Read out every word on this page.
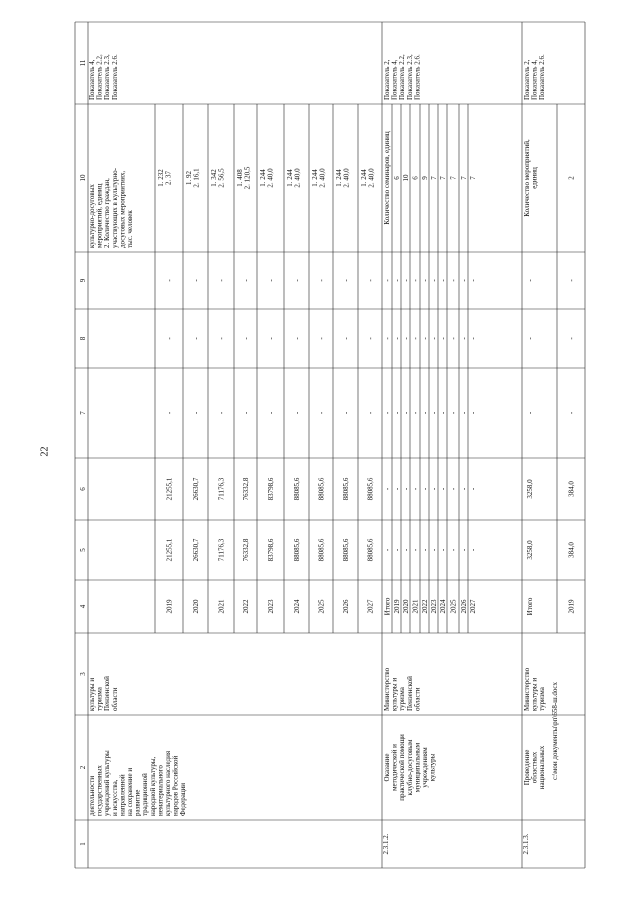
22
c:\мои документы\рп\658-ш.docx
1
2
3
4
5
6
7
8
9
10
11
деятельности государственных учреждений культуры и искусства, направленной на сохранение и развитие традиционной народной культуры, нематериального культурного наследия народов Российской Федерации
культуры и туризма Пензенской области
культурно-досуговых мероприятий, единиц 2. Количество граждан, участвующих в культурно- досуговых мероприятиях, тыс. человек
Показатель 4, Показатель 2.2, Показатель 2.3, Показатель 2.6.
2019
21255,1
21255,1
-
-
-
1. 232 2. 37
2020
26630,7
26630,7
-
-
-
1. 92 2. 16,1
2021
71176,3
71176,3
-
-
-
1. 342 2. 56,5
2022
76332,8
76332,8
-
-
-
1. 408 2. 120,5
2023
83798,6
83798,6
-
-
-
1. 244 2. 40,0
2024
88085,6
88085,6
-
-
-
1. 244 2. 40,0
2025
88085,6
88085,6
-
-
-
1. 244 2. 40,0
2026
88085,6
88085,6
-
-
-
1. 244 2. 40,0
2027
88085,6
88085,6
-
-
-
1. 244 2. 40,0
2.3.1.2.
Оказание методической и практической помощи клубно-досуговым муниципальным учреждениям культуры
Министерство культуры и туризма Пензенской области
Количество семинаров, единиц
Показатель 2, Показатель 4, Показатель 2.2, Показатель 2.3, Показатель 2.6.
Итого
-
-
-
-
-
2019
-
-
-
-
-
6
2020
-
-
-
-
-
10
2021
-
-
-
-
-
6
2022
-
-
-
-
-
9
2023
-
-
-
-
-
7
2024
-
-
-
-
-
7
2025
-
-
-
-
-
7
2026
-
-
-
-
-
7
2027
-
-
-
-
-
7
2.3.1.3.
Проведение областных национальных
Министерство культуры и туризма
Количество мероприятий, единиц
Показатель 2, Показатель 4, Показатель 2.6.
Итого
3258,0
3258,0
-
-
-
2019
384,0
384,0
-
-
-
2
